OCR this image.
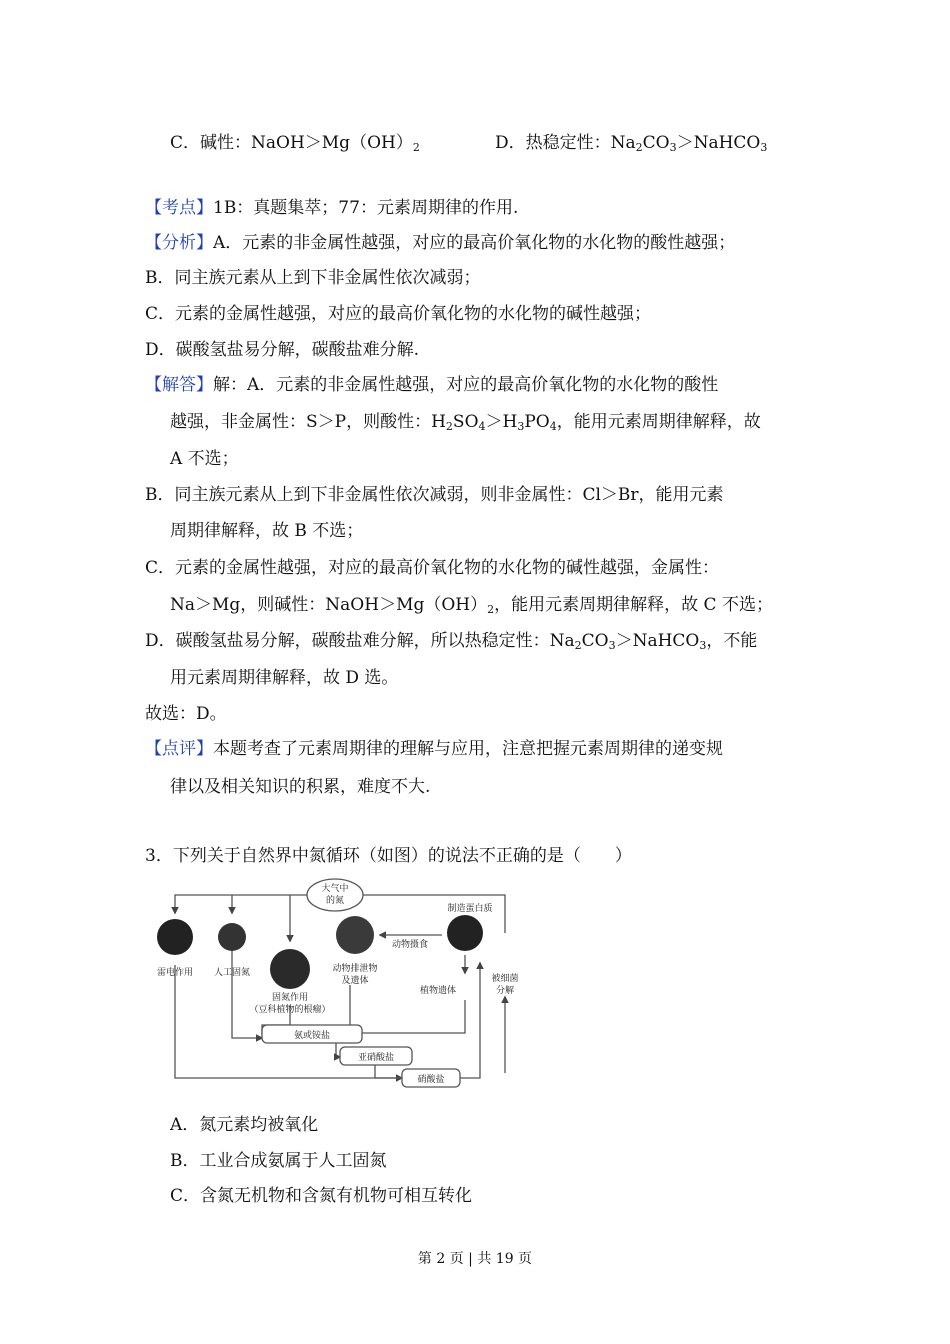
C．碱性：$NaOH>Mg(OH)_2$	D．热稳定性：$Na_2CO_3>NaHCO_3$
【考点】1B：真题集萃；77：元素周期律的作用.
【分析】A．元素的非金属性越强，对应的最高价氧化物的水化物的酸性越强；
B．同主族元素从上到下非金属性依次减弱；
C．元素的金属性越强，对应的最高价氧化物的水化物的碱性越强；
D．碳酸氢盐易分解，碳酸盐难分解.
【解答】解：A．元素的非金属性越强，对应的最高价氧化物的水化物的酸性
越强，非金属性：S＞P，则酸性：$H_2SO_4>H_3PO_4$，能用元素周期律解释，故
A 不选；
B．同主族元素从上到下非金属性依次减弱，则非金属性：Cl＞Br，能用元素
周期律解释，故 B 不选；
C．元素的金属性越强，对应的最高价氧化物的水化物的碱性越强，金属性：
Na＞Mg，则碱性：$NaOH>Mg(OH)_2$，能用元素周期律解释，故 C 不选；
D．碳酸氢盐易分解，碳酸盐难分解，所以热稳定性：$Na_2CO_3>NaHCO_3$，不能
用元素周期律解释，故 D 选。
故选：D。
【点评】本题考查了元素周期律的理解与应用，注意把握元素周期律的递变规
律以及相关知识的积累，难度不大.
3．下列关于自然界中氮循环（如图）的说法不正确的是（　　）
大气中
的氮
雷电作用 人工固氮
固氮作用
（豆科植物的根瘤）
动物排泄物
及遗体
动物摄食
制造蛋白质
植物遗体
被细菌
分解
氨或铵盐
亚硝酸盐
硝酸盐
A．氮元素均被氧化
B．工业合成氨属于人工固氮
C．含氮无机物和含氮有机物可相互转化
第 2 页 | 共 19 页
